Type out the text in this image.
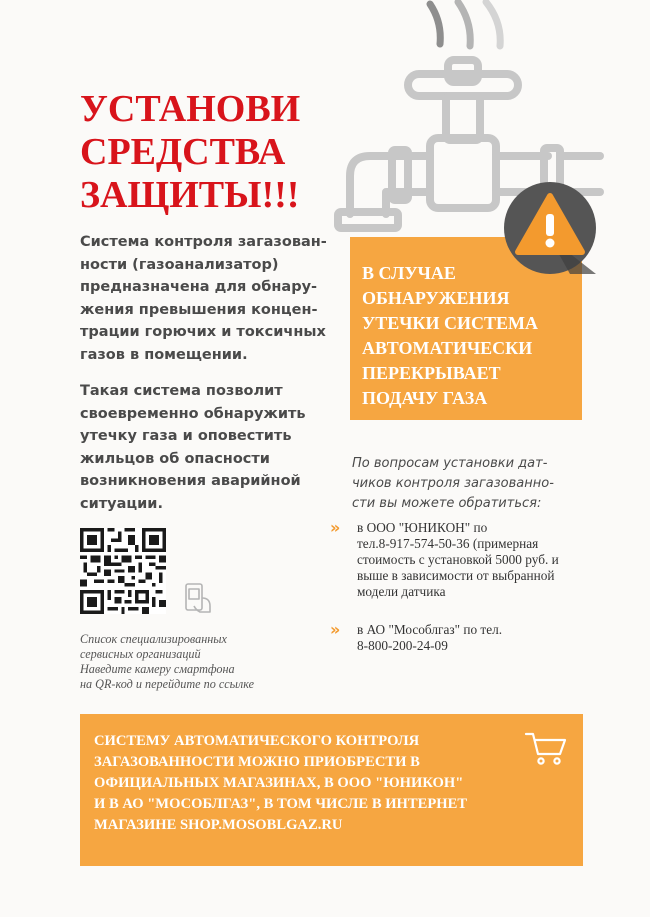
УСТАНОВИ
СРЕДСТВА
ЗАЩИТЫ!!!

Система контроля загазован-
ности (газоанализатор)
предназначена для обнару-
жения превышения концен-
трации горючих и токсичных
газов в помещении.

Такая система позволит
своевременно обнаружить
утечку газа и оповестить
жильцов об опасности
возникновения аварийной
ситуации.

В СЛУЧАЕ
ОБНАРУЖЕНИЯ
УТЕЧКИ СИСТЕМА
АВТОМАТИЧЕСКИ
ПЕРЕКРЫВАЕТ
ПОДАЧУ ГАЗА

По вопросам установки дат-
чиков контроля загазованно-
сти вы можете обратиться:

» в ООО "ЮНИКОН" по
тел.8-917-574-50-36 (примерная
стоимость с установкой 5000 руб. и
выше в зависимости от выбранной
модели датчика

» в АО "Мособлгаз" по тел.
8-800-200-24-09

Список специализированных
сервисных организаций
Наведите камеру смартфона
на QR-код и перейдите по ссылке

СИСТЕМУ АВТОМАТИЧЕСКОГО КОНТРОЛЯ
ЗАГАЗОВАННОСТИ МОЖНО ПРИОБРЕСТИ В
ОФИЦИАЛЬНЫХ МАГАЗИНАХ, В ООО "ЮНИКОН"
И В АО "МОСОБЛГАЗ", В ТОМ ЧИСЛЕ В ИНТЕРНЕТ
МАГАЗИНЕ SHOP.MOSOBLGAZ.RU
